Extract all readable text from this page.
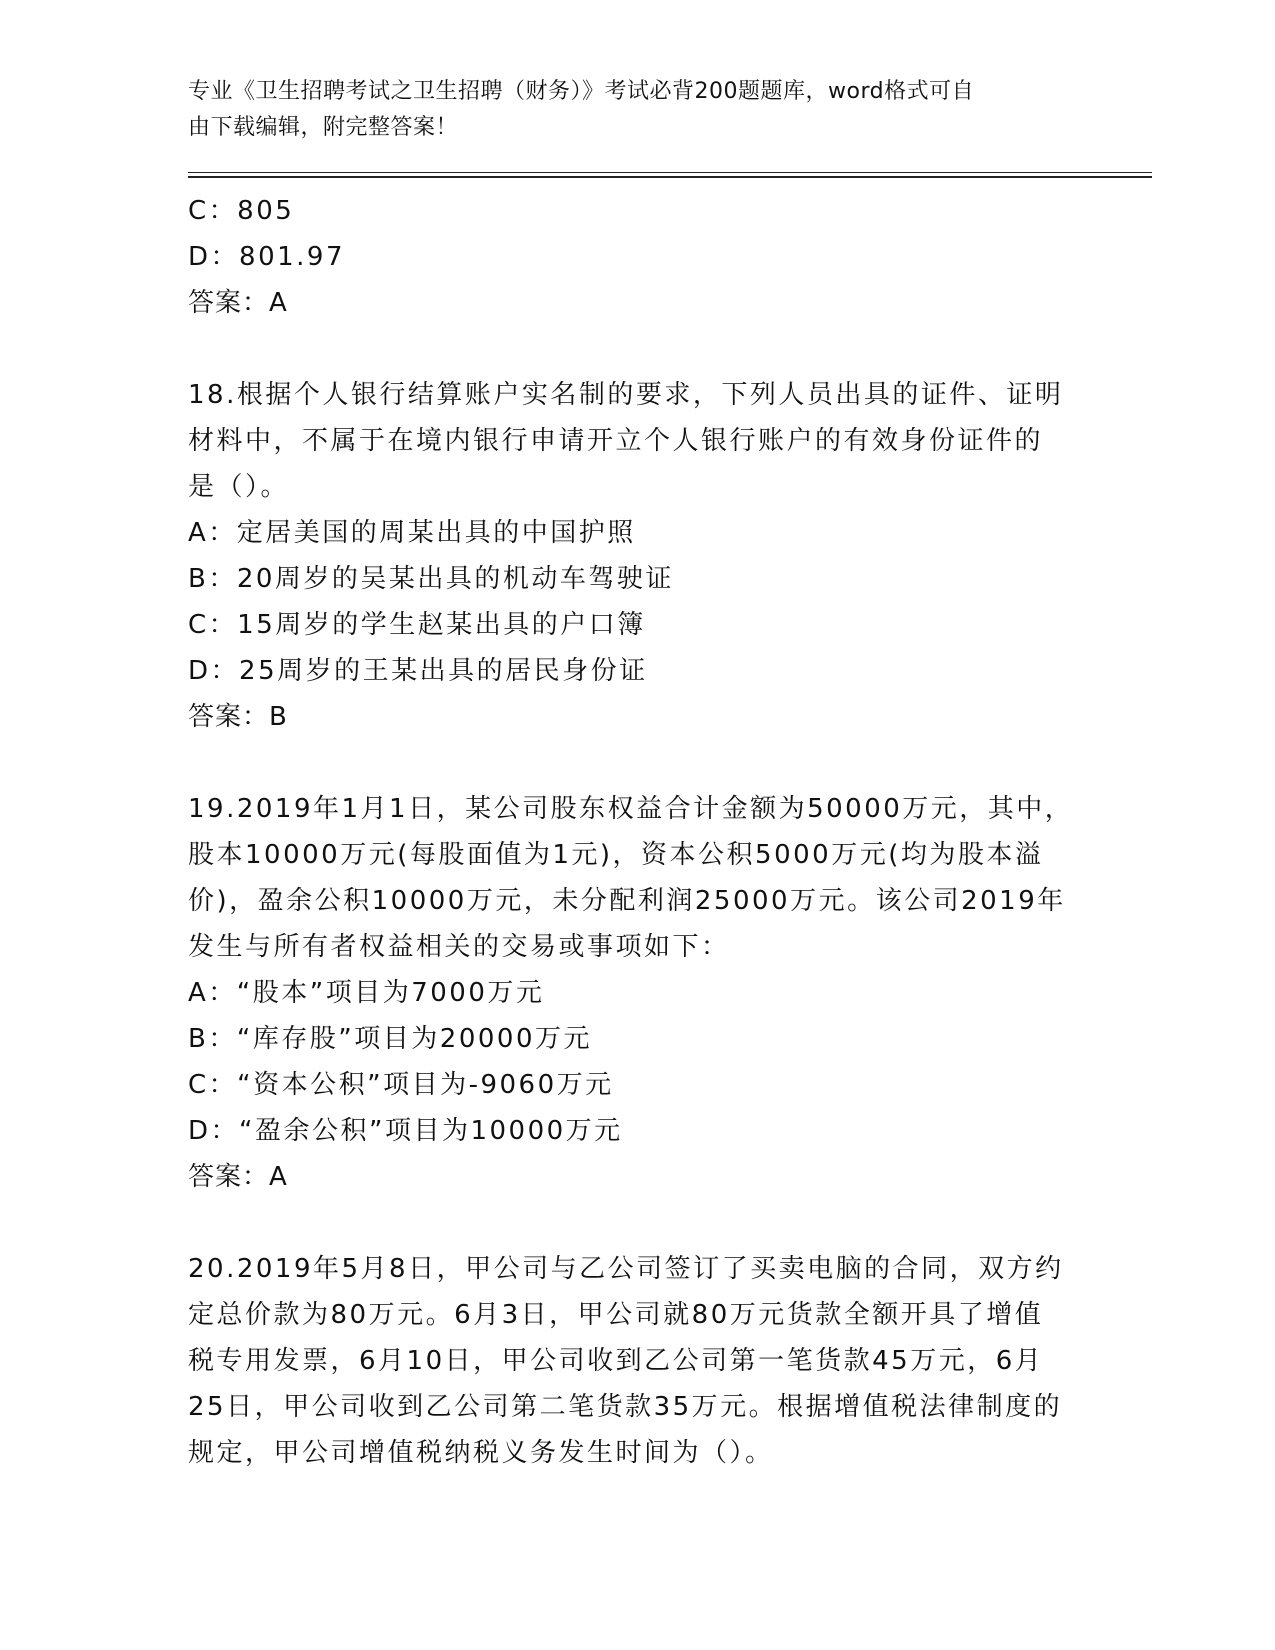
专业《卫生招聘考试之卫生招聘（财务）》考试必背200题题库，word格式可自
由下载编辑，附完整答案！
C：805
D：801.97
答案：A
18.根据个人银行结算账户实名制的要求，下列人员出具的证件、证明
材料中，不属于在境内银行申请开立个人银行账户的有效身份证件的
是（）。
A：定居美国的周某出具的中国护照
B：20周岁的吴某出具的机动车驾驶证
C：15周岁的学生赵某出具的户口簿
D：25周岁的王某出具的居民身份证
答案：B
19.2019年1月1日，某公司股东权益合计金额为50000万元，其中，
股本10000万元(每股面值为1元)，资本公积5000万元(均为股本溢
价)，盈余公积10000万元，未分配利润25000万元。该公司2019年
发生与所有者权益相关的交易或事项如下：
A：“股本”项目为7000万元
B：“库存股”项目为20000万元
C：“资本公积”项目为-9060万元
D：“盈余公积”项目为10000万元
答案：A
20.2019年5月8日，甲公司与乙公司签订了买卖电脑的合同，双方约
定总价款为80万元。6月3日，甲公司就80万元货款全额开具了增值
税专用发票，6月10日，甲公司收到乙公司第一笔货款45万元，6月
25日，甲公司收到乙公司第二笔货款35万元。根据增值税法律制度的
规定，甲公司增值税纳税义务发生时间为（）。
